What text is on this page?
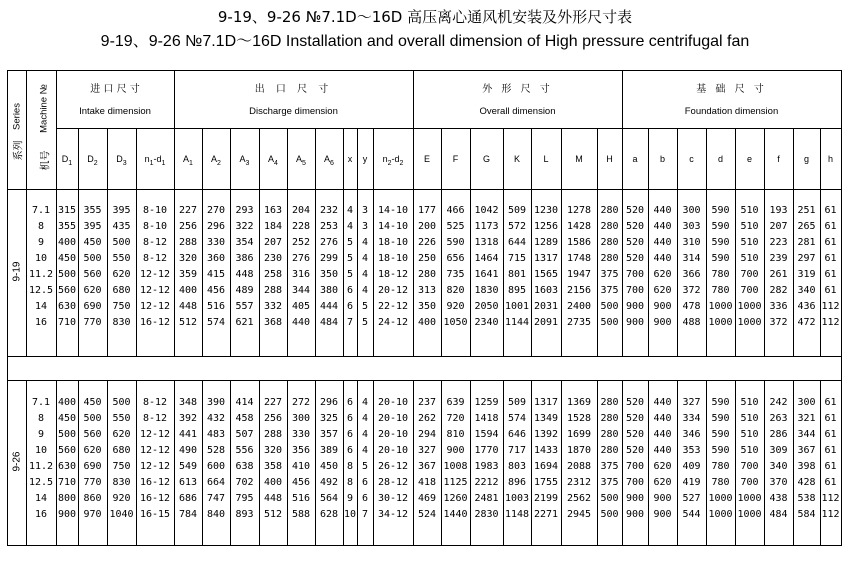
9-19、9-26 №7.1D～16D 高压离心通风机安装及外形尺寸表
9-19、9-26 №7.1D～16D Installation and overall dimension of High pressure centrifugal fan
Series
系列
Machine №
机号
进 口 尺 寸
Intake dimension
出 口 尺 寸
Discharge dimension
外 形 尺 寸
Overall dimension
基 础 尺 寸
Foundation dimension
$D_1$ $D_2$ $D_3$ $n_1-d_1$ $A_1$ $A_2$ $A_3$ $A_4$ $A_5$ $A_6$ x y $n_2-d_2$ E	F	G	K	L	M	H a b	c	d	e	f	g h
9-19
9-26
7.1 315 355	395	8-10	227 270	293	163 204 232 4 3 14-10 177	466 1042 509 1230 1278 280 520 440	300	590	510	193 251 61
8	355 395	435	8-10	256 296	322	184 228 253 4 3 14-10 200	525 1173 572 1256 1428 280 520 440	303	590	510	207 265 61
9	400 450	500	8-12	288 330	354	207 252 276 5 4 18-10 226	590 1318 644 1289 1586 280 520 440	310	590	510	223 281 61
10	450 500	550	8-12	320 360	386	230 276 299 5 4 18-10 250	656 1464 715 1317 1748 280 520 440	314	590	510	239 297 61
11.2 500 560	620 12-12 359 415	448	258 316 350 5 4 18-12 280	735 1641 801 1565 1947 375 700 620	366	780	700	261 319 61
12.5 560 620	680 12-12 400 456	489	288 344 380 6 4 20-12 313	820 1830 895 1603 2156 375 700 620	372	780	700	282 340 61
14	630 690	750 12-12 448 516	557	332 405 444 6 5 22-12 350	920 2050 1001 2031 2400 500 900 900	478 1000 1000 336 436 112
16	710 770	830 16-12 512 574	621	368 440 484 7 5 24-12 400 1050 2340 1144 2091 2735 500 900 900	488 1000 1000 372 472 112
7.1 400 450	500	8-12	348 390	414	227 272 296 6 4 20-10 237	639 1259 509 1317 1369 280 520 440	327	590	510	242 300 61
8	450 500	550	8-12	392 432	458	256 300 325 6 4 20-10 262	720 1418 574 1349 1528 280 520 440	334	590	510	263 321 61
9	500 560	620 12-12 441 483	507	288 330 357 6 4 20-10 294	810 1594 646 1392 1699 280 520 440	346	590	510	286 344 61
10	560 620	680 12-12 490 528	556	320 356 389 6 4 20-10 327	900 1770 717 1433 1870 280 520 440	353	590	510	309 367 61
11.2 630 690	750 12-12 549 600	638	358 410 450 8 5 26-12 367 1008 1983 803 1694 2088 375 700 620	409	780	700	340 398 61
12.5 710 770	830 16-12 613 664	702	400 456 492 8 6 28-12 418 1125 2212 896 1755 2312 375 700 620	419	780	700	370 428 61
14	800 860	920 16-12 686 747	795	448 516 564 9 6 30-12 469 1260 2481 1003 2199 2562 500 900 900	527 1000 1000 438 538 112
16	900 970 1040 16-15 784 840	893	512 588 628 10 7 34-12 524 1440 2830 1148 2271 2945 500 900 900	544 1000 1000 484 584 112
